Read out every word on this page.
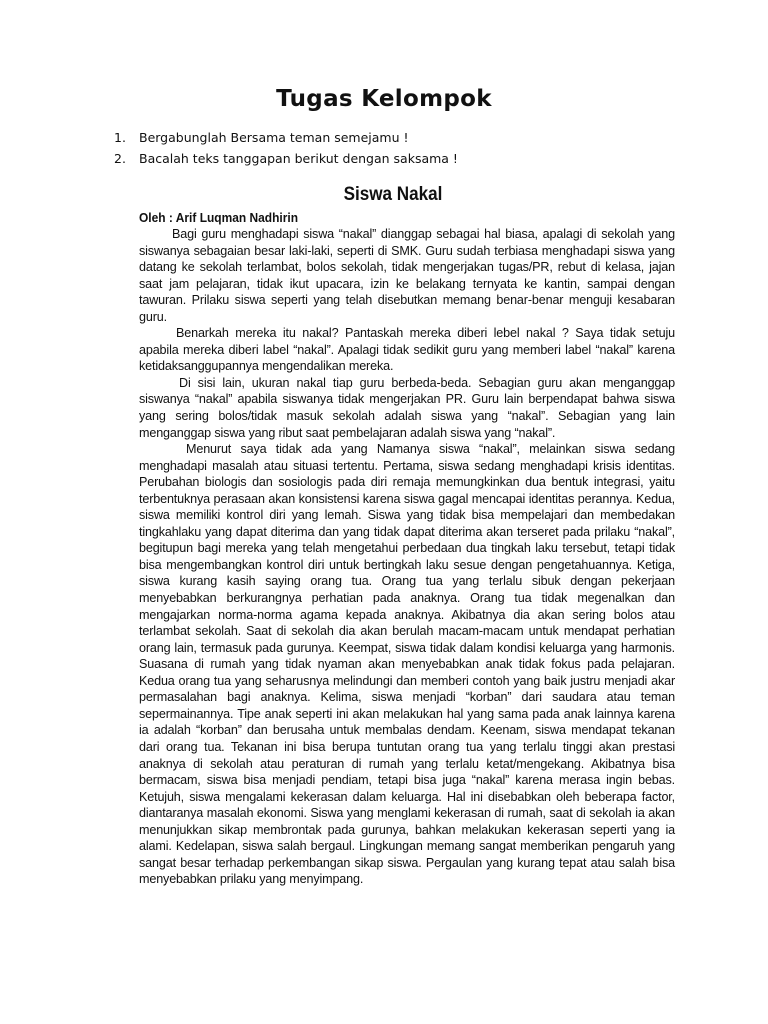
Tugas Kelompok
1.	Bergabunglah Bersama teman semejamu !
2.	Bacalah teks tanggapan berikut dengan saksama !
Siswa Nakal

Oleh : Arif Luqman Nadhirin

Bagi guru menghadapi siswa “nakal” dianggap sebagai hal biasa, apalagi di sekolah yang siswanya sebagaian besar laki-laki, seperti di SMK. Guru sudah terbiasa menghadapi siswa yang datang ke sekolah terlambat, bolos sekolah, tidak mengerjakan tugas/PR, rebut di kelasa, jajan saat jam pelajaran, tidak ikut upacara, izin ke belakang ternyata ke kantin, sampai dengan tawuran. Prilaku siswa seperti yang telah disebutkan memang benar-benar menguji kesabaran guru.

Benarkah mereka itu nakal? Pantaskah mereka diberi lebel nakal ? Saya tidak setuju apabila mereka diberi label “nakal”. Apalagi tidak sedikit guru yang memberi label “nakal” karena ketidaksanggupannya mengendalikan mereka.

Di sisi lain, ukuran nakal tiap guru berbeda-beda. Sebagian guru akan menganggap siswanya “nakal” apabila siswanya tidak mengerjakan PR. Guru lain berpendapat bahwa siswa yang sering bolos/tidak masuk sekolah adalah siswa yang “nakal”. Sebagian yang lain menganggap siswa yang ribut saat pembelajaran adalah siswa yang “nakal”.

Menurut saya tidak ada yang Namanya siswa “nakal”, melainkan siswa sedang menghadapi masalah atau situasi tertentu. Pertama, siswa sedang menghadapi krisis identitas. Perubahan biologis dan sosiologis pada diri remaja memungkinkan dua bentuk integrasi, yaitu terbentuknya perasaan akan konsistensi karena siswa gagal mencapai identitas perannya. Kedua, siswa memiliki kontrol diri yang lemah. Siswa yang tidak bisa mempelajari dan membedakan tingkahlaku yang dapat diterima dan yang tidak dapat diterima akan terseret pada prilaku “nakal”, begitupun bagi mereka yang telah mengetahui perbedaan dua tingkah laku tersebut, tetapi tidak bisa mengembangkan kontrol diri untuk bertingkah laku sesue dengan pengetahuannya. Ketiga, siswa kurang kasih saying orang tua. Orang tua yang terlalu sibuk dengan pekerjaan menyebabkan berkurangnya perhatian pada anaknya. Orang tua tidak megenalkan dan mengajarkan norma-norma agama kepada anaknya. Akibatnya dia akan sering bolos atau terlambat sekolah. Saat di sekolah dia akan berulah macam-macam untuk mendapat perhatian orang lain, termasuk pada gurunya. Keempat, siswa tidak dalam kondisi keluarga yang harmonis. Suasana di rumah yang tidak nyaman akan menyebabkan anak tidak fokus pada pelajaran. Kedua orang tua yang seharusnya melindungi dan memberi contoh yang baik justru menjadi akar permasalahan bagi anaknya. Kelima, siswa menjadi “korban” dari saudara atau teman sepermainannya. Tipe anak seperti ini akan melakukan hal yang sama pada anak lainnya karena ia adalah “korban” dan berusaha untuk membalas dendam. Keenam, siswa mendapat tekanan dari orang tua. Tekanan ini bisa berupa tuntutan orang tua yang terlalu tinggi akan prestasi anaknya di sekolah atau peraturan di rumah yang terlalu ketat/mengekang. Akibatnya bisa bermacam, siswa bisa menjadi pendiam, tetapi bisa juga “nakal” karena merasa ingin bebas. Ketujuh, siswa mengalami kekerasan dalam keluarga. Hal ini disebabkan oleh beberapa factor, diantaranya masalah ekonomi. Siswa yang menglami kekerasan di rumah, saat di sekolah ia akan menunjukkan sikap membrontak pada gurunya, bahkan melakukan kekerasan seperti yang ia alami. Kedelapan, siswa salah bergaul. Lingkungan memang sangat memberikan pengaruh yang sangat besar terhadap perkembangan sikap siswa. Pergaulan yang kurang tepat atau salah bisa menyebabkan prilaku yang menyimpang.
